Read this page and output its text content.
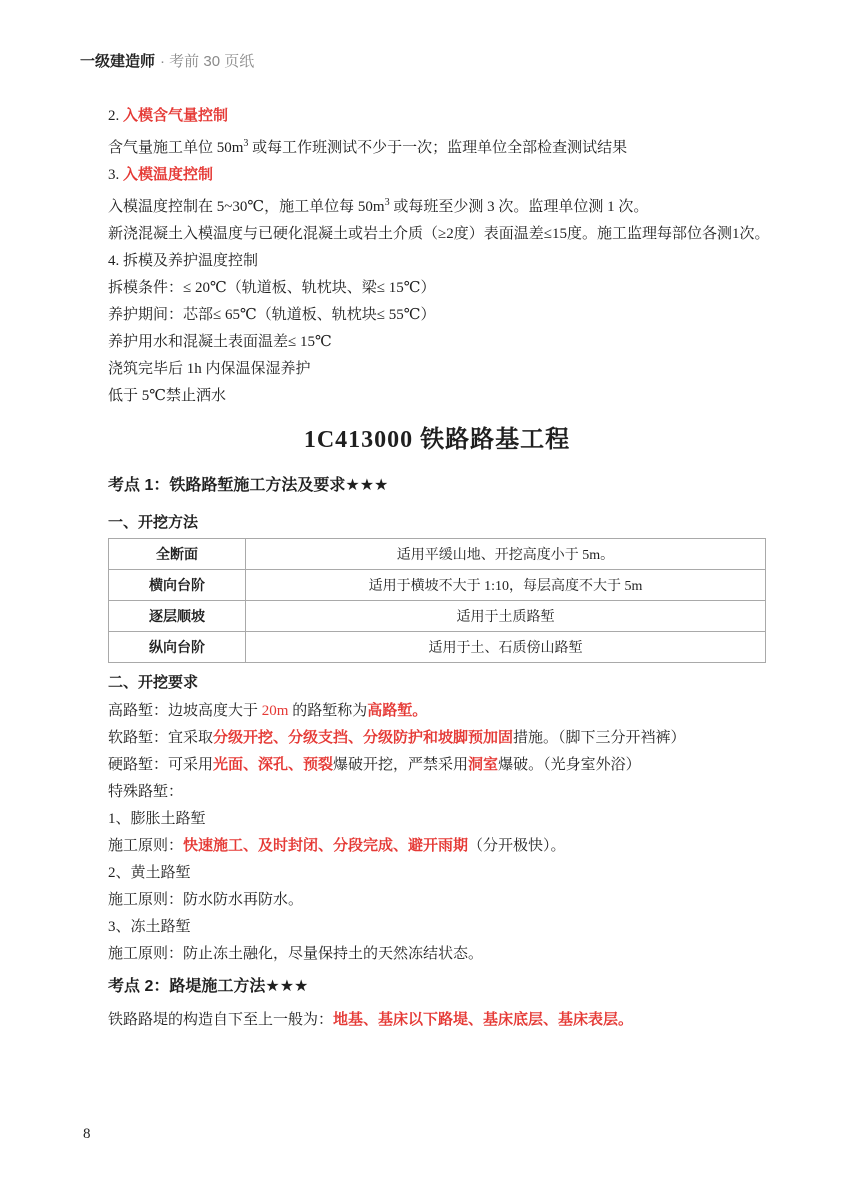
一级建造师 · 考前 30 页纸

2. 入模含气量控制

含气量施工单位 $50m^3$ 或每工作班测试不少于一次；监理单位全部检查测试结果

3. 入模温度控制

入模温度控制在 5~30℃，施工单位每 $50m^3$ 或每班至少测 3 次。监理单位测 1 次。

新浇混凝土入模温度与已硬化混凝土或岩土介质（≥2度）表面温差≤15度。施工监理每部位各测1次。

4. 拆模及养护温度控制

拆模条件：≤ 20℃（轨道板、轨枕块、梁≤ 15℃）

养护期间：芯部≤ 65℃（轨道板、轨枕块≤ 55℃）

养护用水和混凝土表面温差≤ 15℃

浇筑完毕后 1h 内保温保湿养护

低于 5℃禁止洒水

1C413000 铁路路基工程
考点 1：铁路路堑施工方法及要求★★★
一、开挖方法
全断面	适用平缓山地、开挖高度小于 5m。
横向台阶	适用于横坡不大于 1:10，每层高度不大于 5m
逐层顺坡	适用于土质路堑
纵向台阶	适用于土、石质傍山路堑
二、开挖要求

高路堑：边坡高度大于 20m 的路堑称为高路堑。

软路堑：宜采取分级开挖、分级支挡、分级防护和坡脚预加固措施。（脚下三分开裆裤）

硬路堑：可采用光面、深孔、预裂爆破开挖，严禁采用洞室爆破。（光身室外浴）

特殊路堑：

1、膨胀土路堑

施工原则：快速施工、及时封闭、分段完成、避开雨期（分开极快）。

2、黄土路堑

施工原则：防水防水再防水。

3、冻土路堑

施工原则：防止冻土融化，尽量保持土的天然冻结状态。

考点 2：路堤施工方法★★★

铁路路堤的构造自下至上一般为：地基、基床以下路堤、基床底层、基床表层。

8
